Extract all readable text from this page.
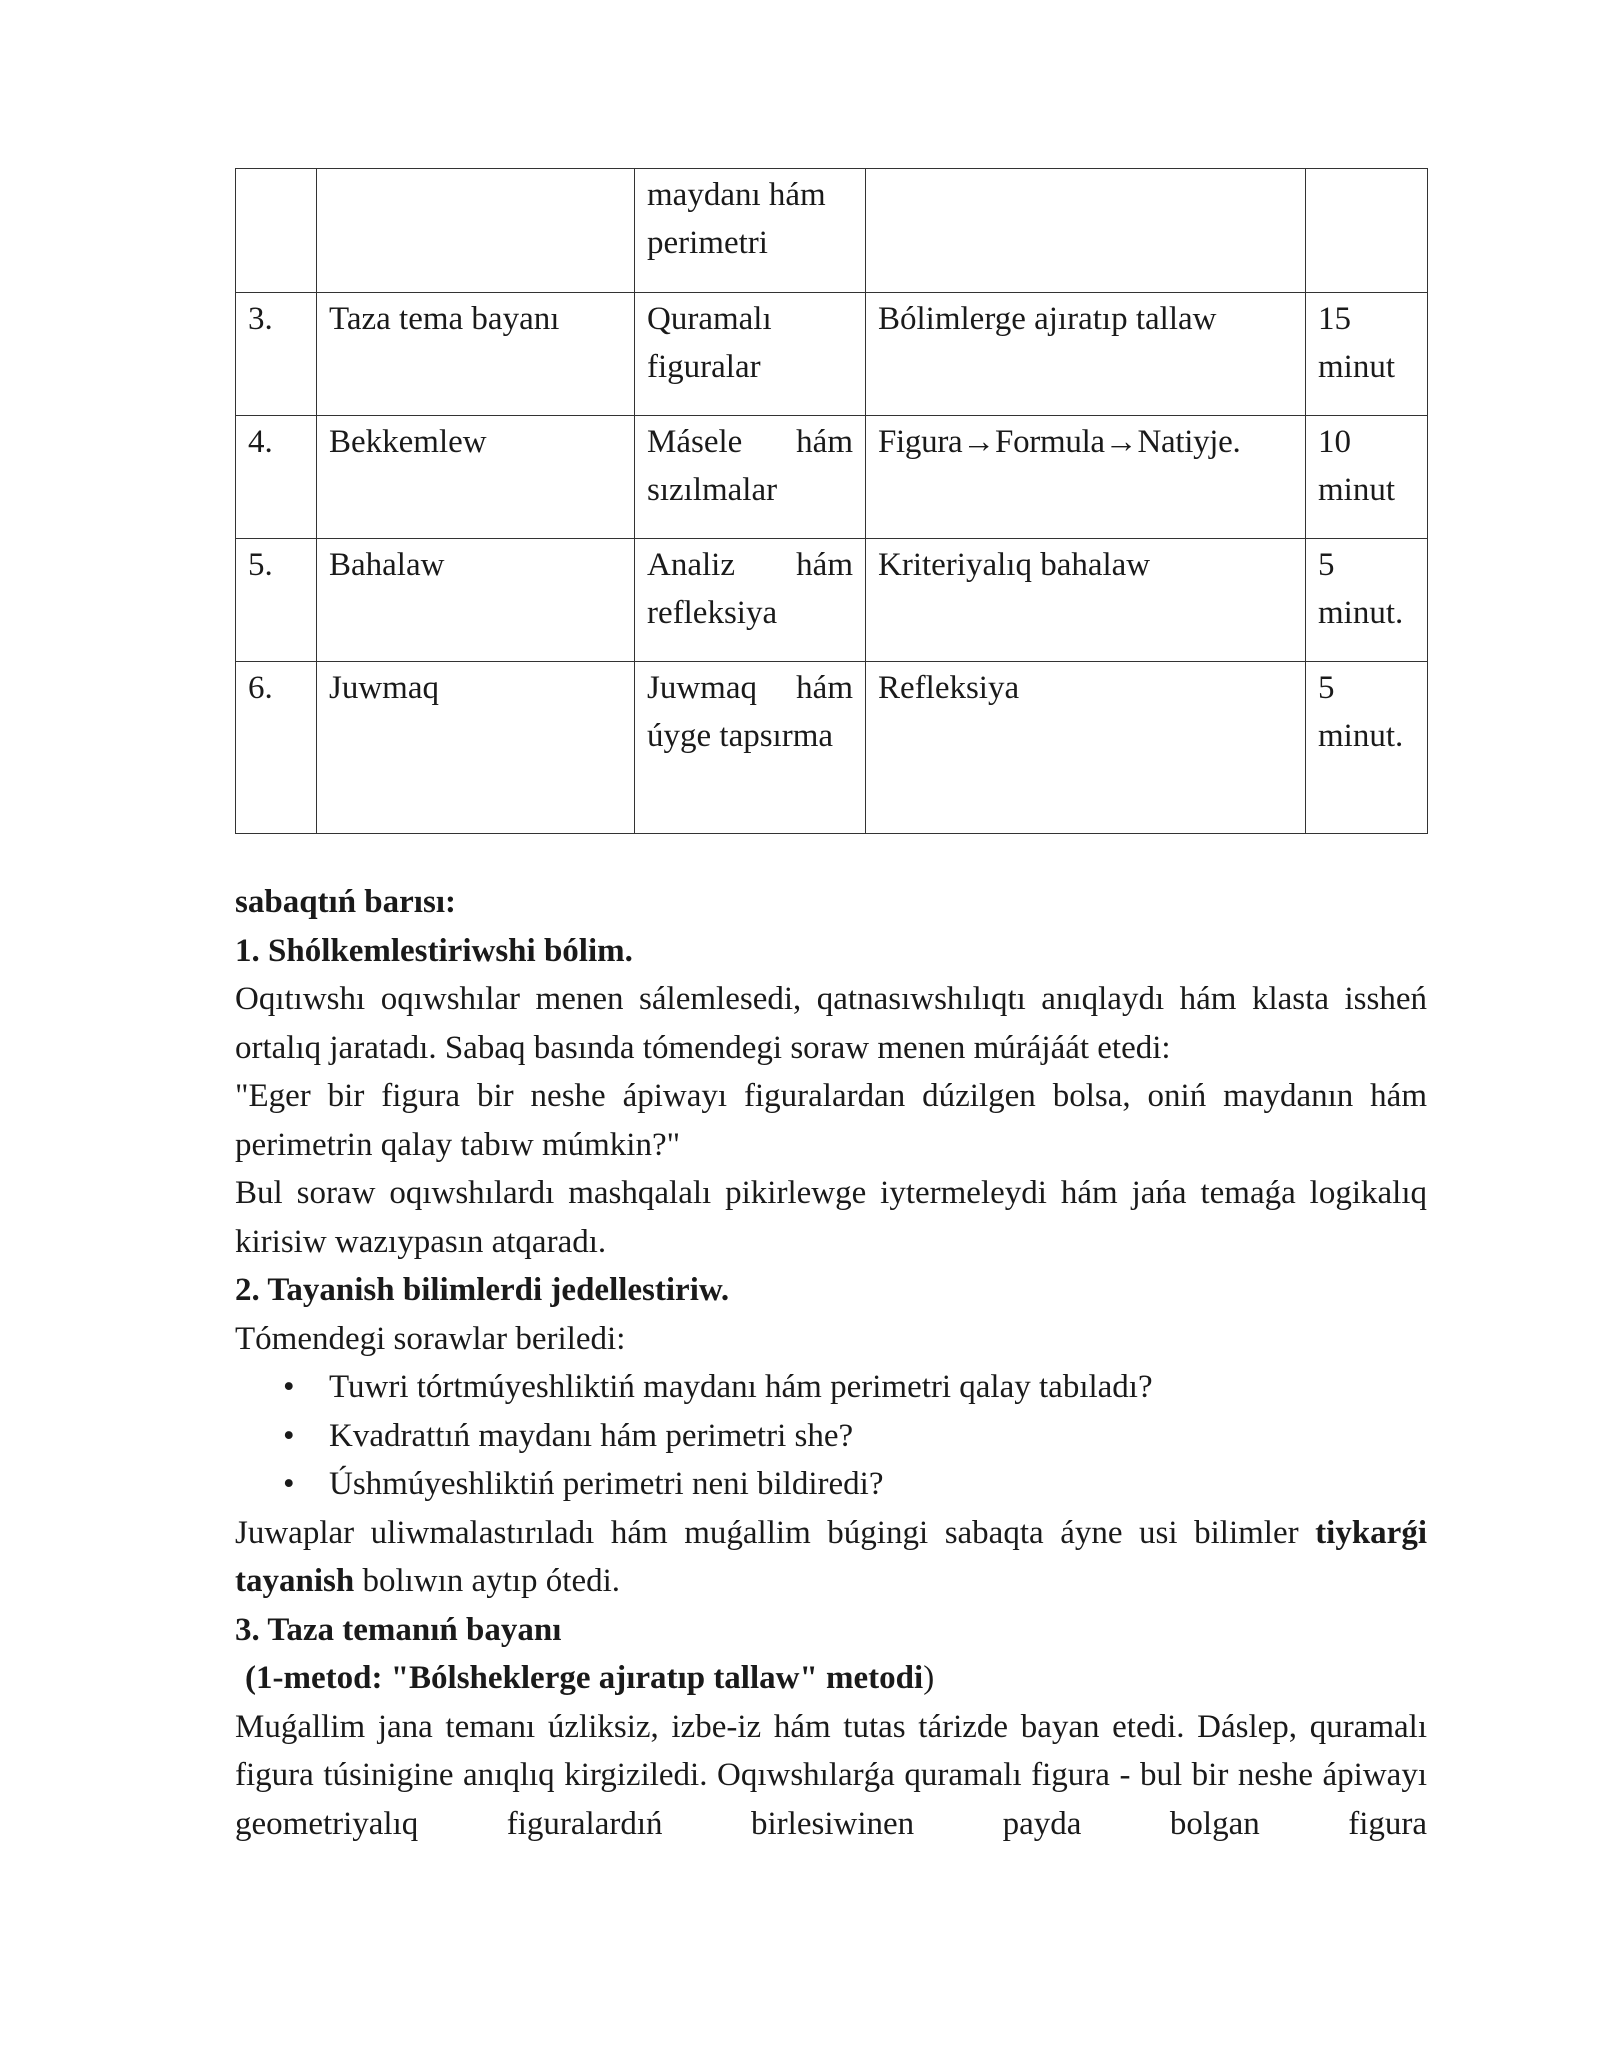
		maydanı hám perimetri		
3.	Taza tema bayanı	Quramalı figuralar	Bólimlerge ajıratıp tallaw	15 minut
4.	Bekkemlew	Másele hám sızılmalar	Figura→Formula→Natiyje.	10 minut
5.	Bahalaw	Analiz hám refleksiya	Kriteriyalıq bahalaw	5 minut.
6.	Juwmaq	Juwmaq hám úyge tapsırma	Refleksiya	5 minut.

sabaqtıń barısı:

1. Shólkemlestiriwshi bólim.

Oqıtıwshı oqıwshılar menen sálemlesedi, qatnasıwshılıqtı anıqlaydı hám klasta issheń ortalıq jaratadı. Sabaq basında tómendegi soraw menen múrájáát etedi:

"Eger bir figura bir neshe ápiwayı figuralardan dúzilgen bolsa, oniń maydanın hám perimetrin qalay tabıw múmkin?"

Bul soraw oqıwshılardı mashqalalı pikirlewge iytermeleydi hám jańa temaǵa logikalıq kirisiw wazıypasın atqaradı.

2. Tayanish bilimlerdi jedellestiriw.

Tómendegi sorawlar beriledi:

• Tuwri tórtmúyeshliktiń maydanı hám perimetri qalay tabıladı?
• Kvadrattıń maydanı hám perimetri she?
• Úshmúyeshliktiń perimetri neni bildiredi?

Juwaplar uliwmalastırıladı hám muǵallim búgingi sabaqta áyne usi bilimler tiykarǵi tayanish bolıwın aytıp ótedi.

3. Taza temanıń bayanı

(1-metod: "Bólsheklerge ajıratıp tallaw" metodi)

Muǵallim jana temanı úzliksiz, izbe-iz hám tutas tárizde bayan etedi. Dáslep, quramalı figura túsinigine anıqlıq kirgiziledi. Oqıwshılarǵa quramalı figura - bul bir neshe ápiwayı geometriyalıq figuralardıń birlesiwinen payda bolgan figura
